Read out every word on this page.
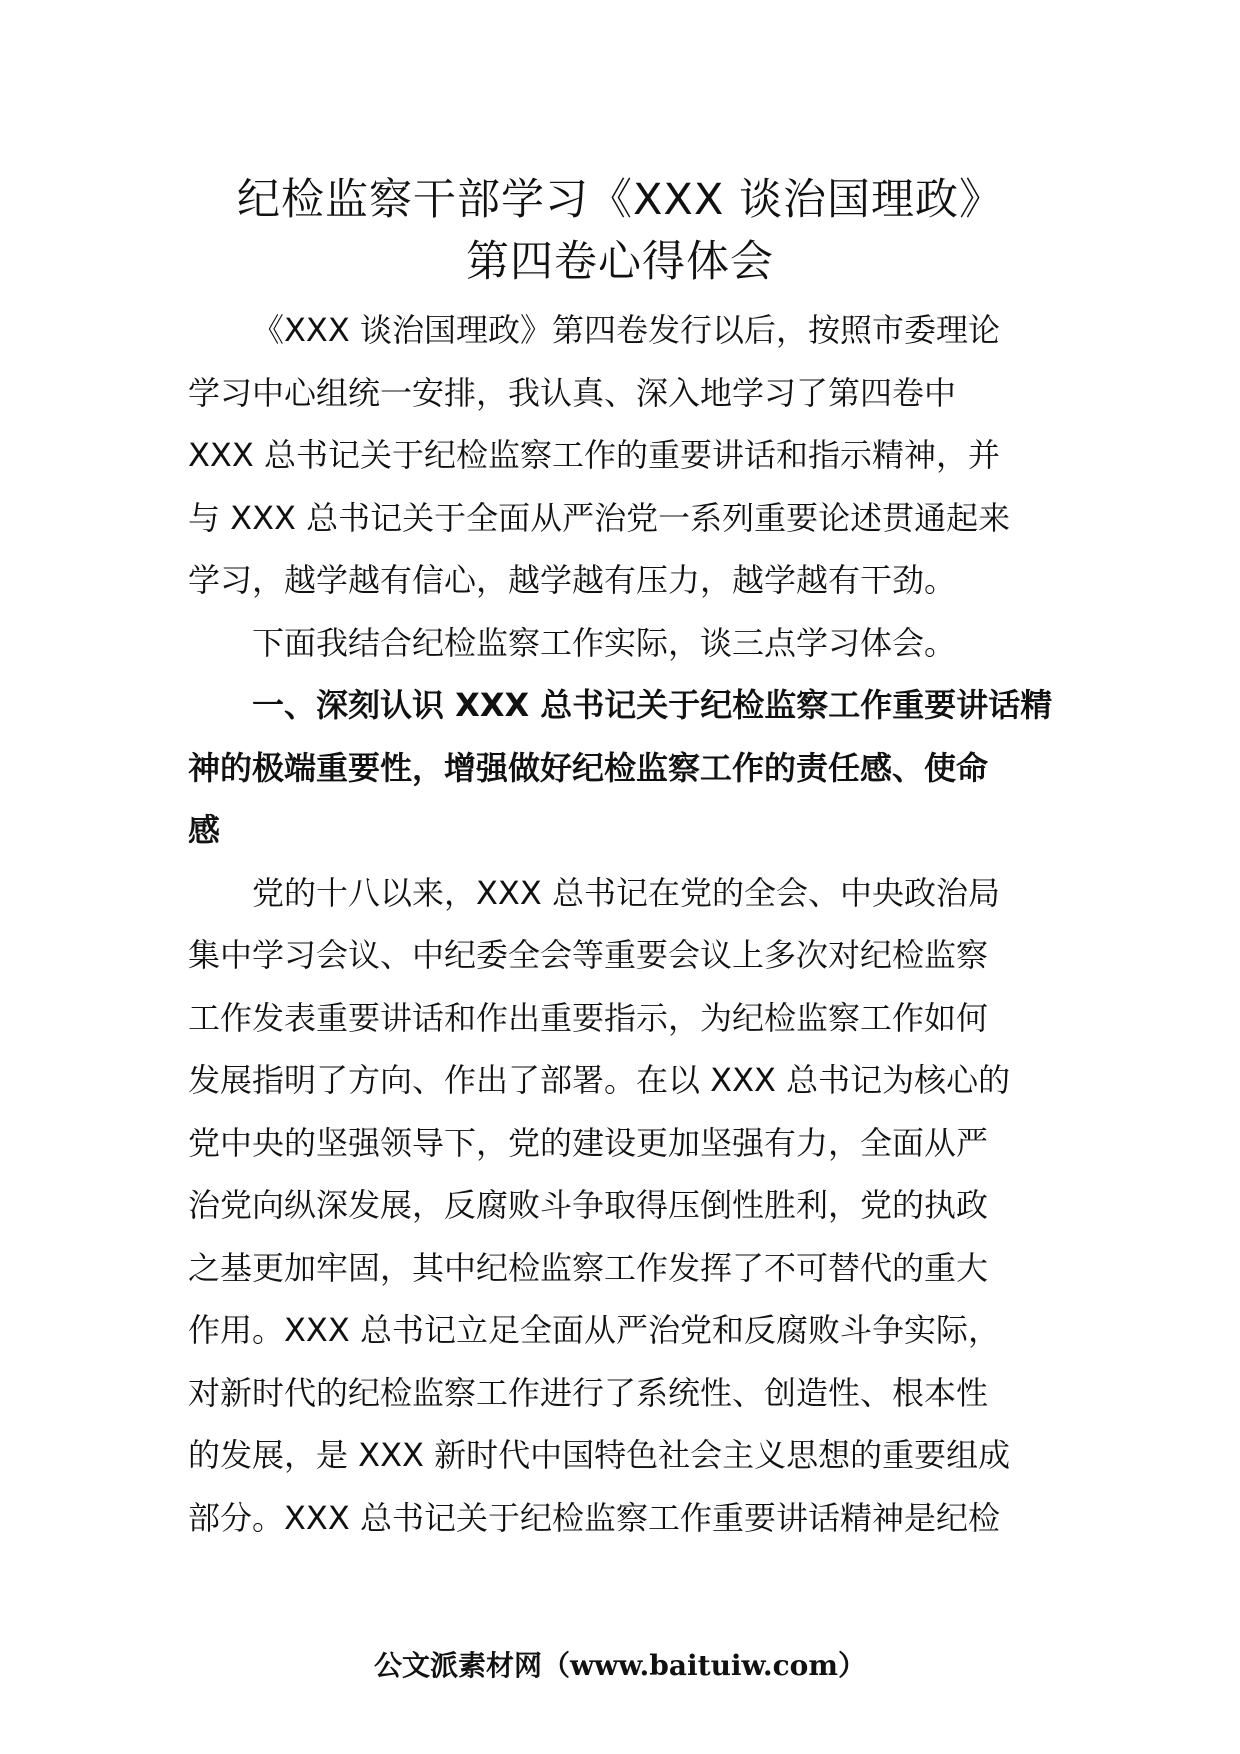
纪检监察干部学习《XXX 谈治国理政》
第四卷心得体会
《XXX 谈治国理政》第四卷发行以后，按照市委理论
学习中心组统一安排，我认真、深入地学习了第四卷中
XXX 总书记关于纪检监察工作的重要讲话和指示精神，并
与 XXX 总书记关于全面从严治党一系列重要论述贯通起来
学习，越学越有信心，越学越有压力，越学越有干劲。
下面我结合纪检监察工作实际，谈三点学习体会。
一、深刻认识 XXX 总书记关于纪检监察工作重要讲话精
神的极端重要性，增强做好纪检监察工作的责任感、使命
感
党的十八以来，XXX 总书记在党的全会、中央政治局
集中学习会议、中纪委全会等重要会议上多次对纪检监察
工作发表重要讲话和作出重要指示，为纪检监察工作如何
发展指明了方向、作出了部署。在以 XXX 总书记为核心的
党中央的坚强领导下，党的建设更加坚强有力，全面从严
治党向纵深发展，反腐败斗争取得压倒性胜利，党的执政
之基更加牢固，其中纪检监察工作发挥了不可替代的重大
作用。XXX 总书记立足全面从严治党和反腐败斗争实际，
对新时代的纪检监察工作进行了系统性、创造性、根本性
的发展，是 XXX 新时代中国特色社会主义思想的重要组成
部分。XXX 总书记关于纪检监察工作重要讲话精神是纪检
公文派素材网（www.baituiw.com）
